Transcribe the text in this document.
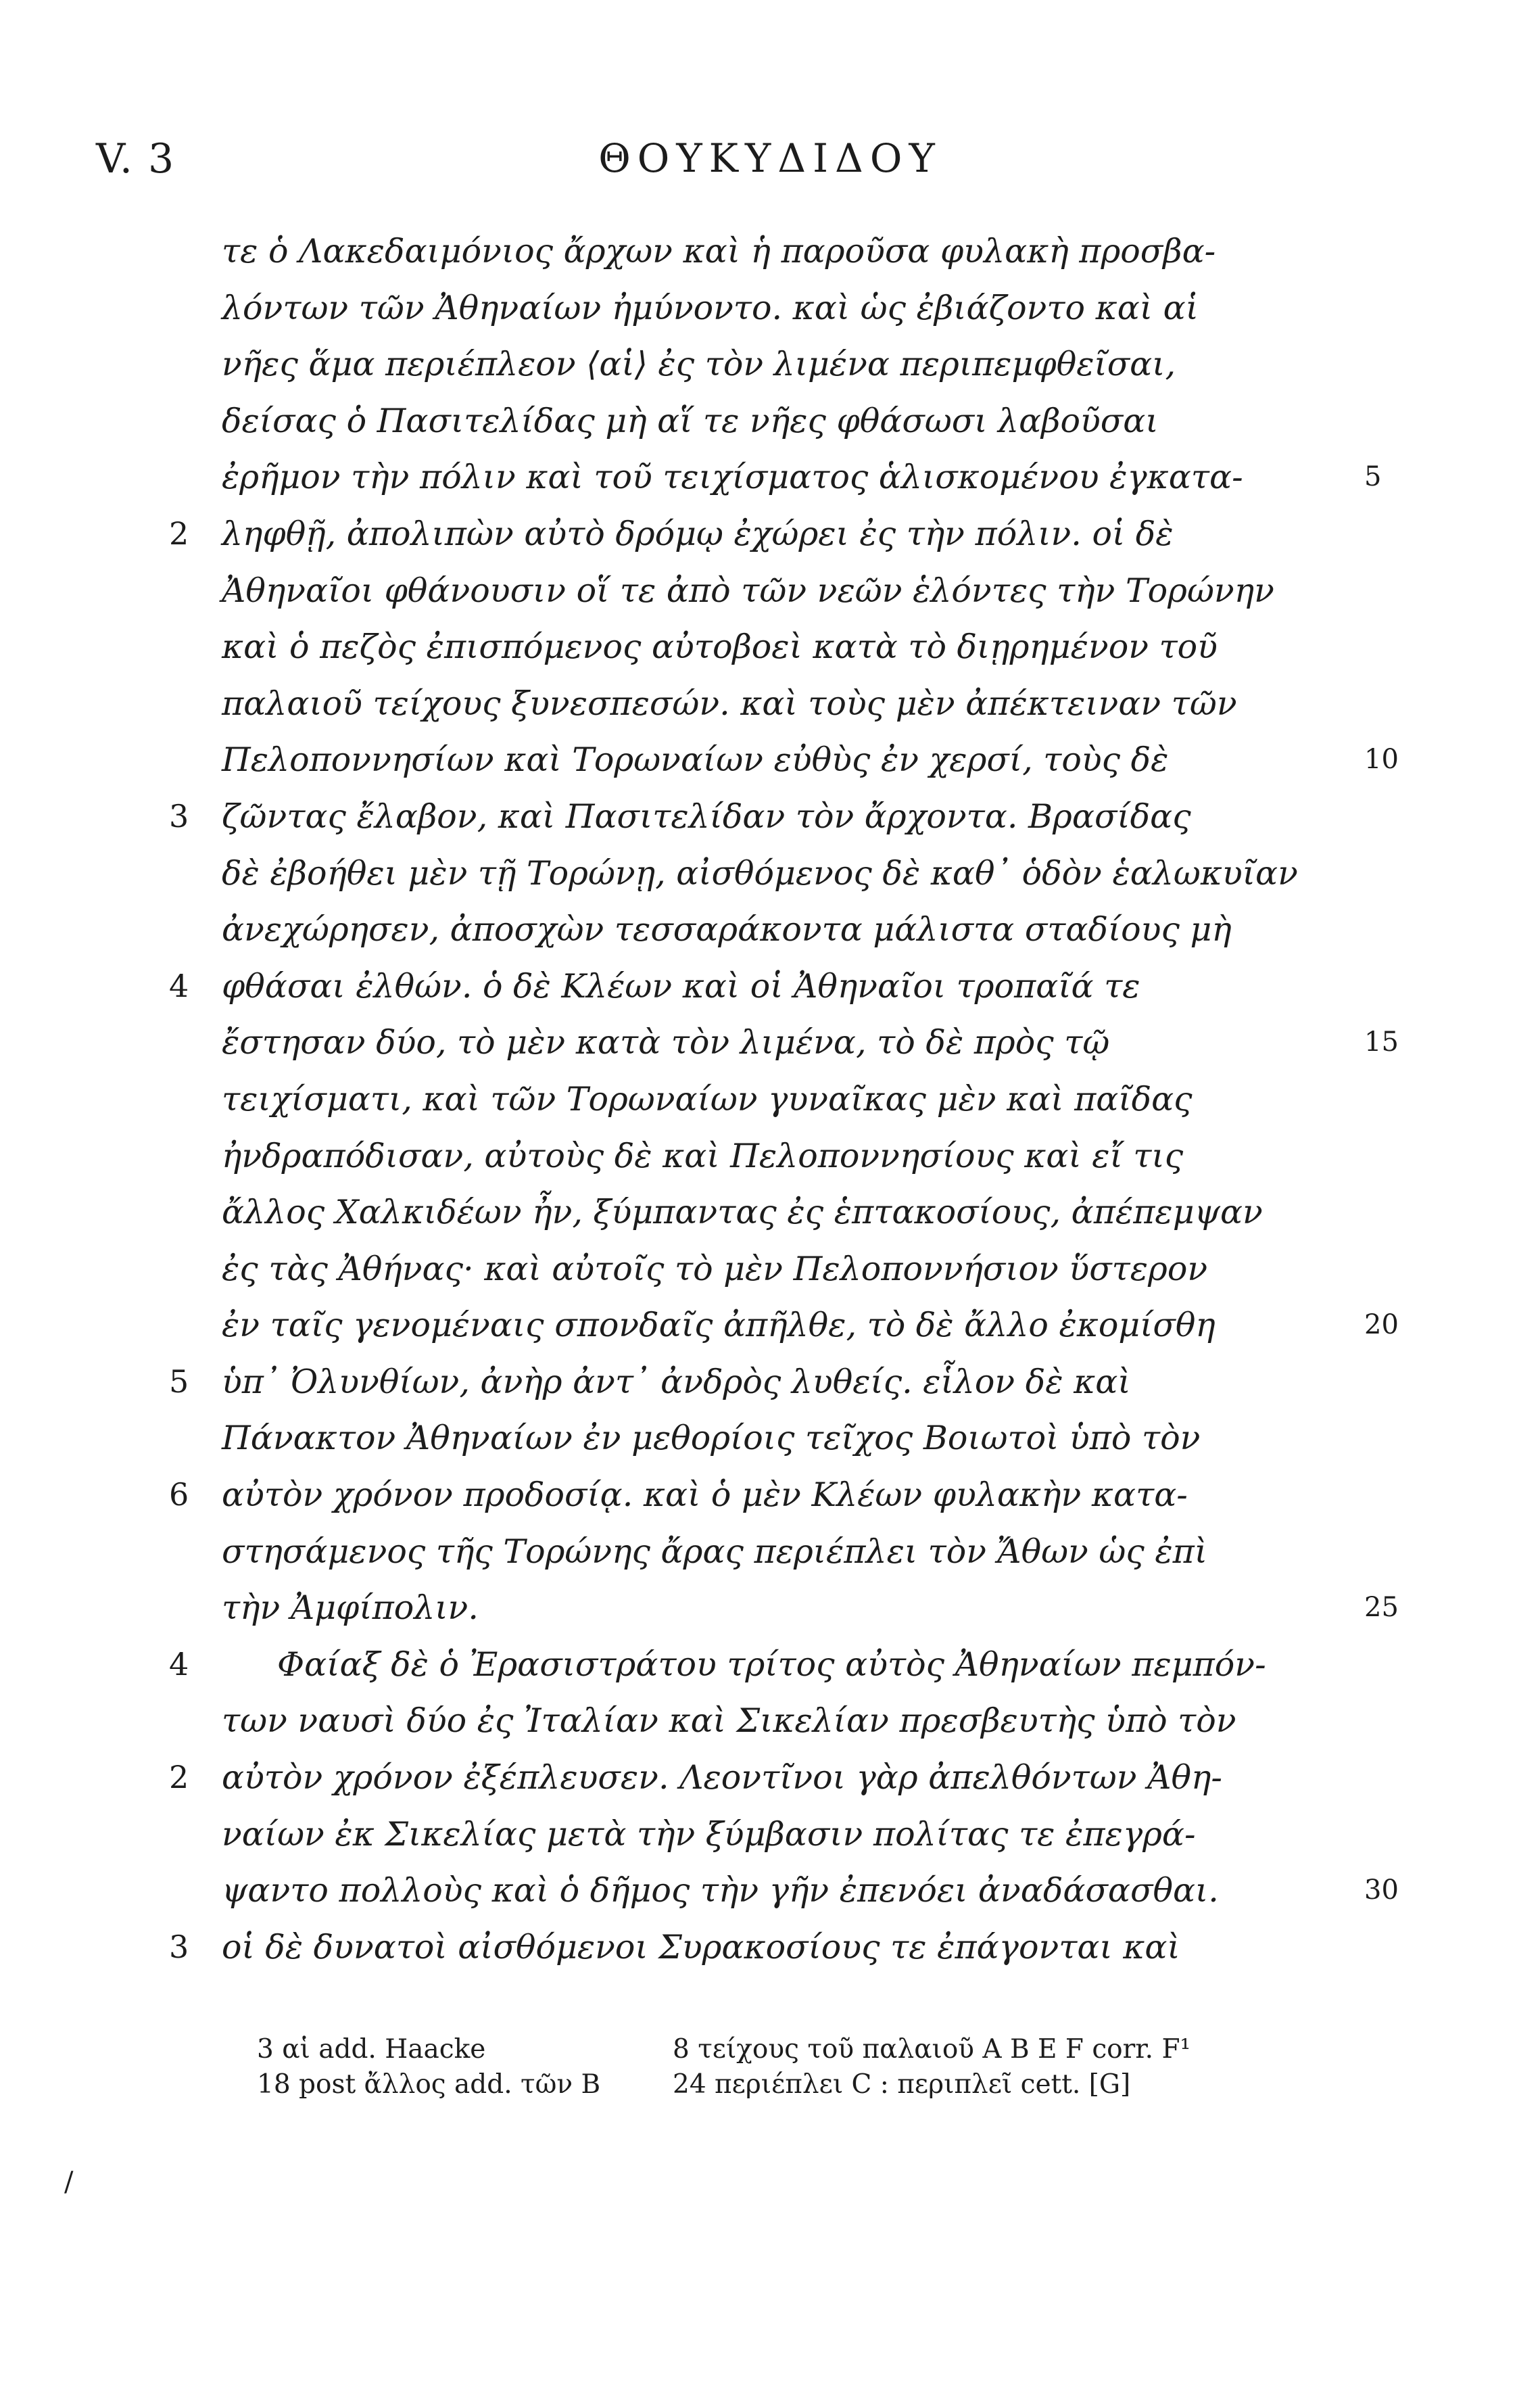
V. 3	ΘΟΥΚΥΔΙΔΟΥ
τε ὁ Λακεδαιμόνιος ἄρχων καὶ ἡ παροῦσα φυλακὴ προσβα-
λόντων τῶν Ἀθηναίων ἠμύνοντο. καὶ ὡς ἐβιάζοντο καὶ αἱ
νῆες ἅμα περιέπλεον ⟨αἱ⟩ ἐς τὸν λιμένα περιπεμφθεῖσαι,
δείσας ὁ Πασιτελίδας μὴ αἵ τε νῆες φθάσωσι λαβοῦσαι
ἐρῆμον τὴν πόλιν καὶ τοῦ τειχίσματος ἁλισκομένου ἐγκατα-	5
2 ληφθῇ, ἀπολιπὼν αὐτὸ δρόμῳ ἐχώρει ἐς τὴν πόλιν. οἱ δὲ
Ἀθηναῖοι φθάνουσιν οἵ τε ἀπὸ τῶν νεῶν ἑλόντες τὴν Τορώνην
καὶ ὁ πεζὸς ἐπισπόμενος αὐτοβοεὶ κατὰ τὸ διῃρημένον τοῦ
παλαιοῦ τείχους ξυνεσπεσών. καὶ τοὺς μὲν ἀπέκτειναν τῶν
Πελοποννησίων καὶ Τορωναίων εὐθὺς ἐν χερσί, τοὺς δὲ	10
3 ζῶντας ἔλαβον, καὶ Πασιτελίδαν τὸν ἄρχοντα. Βρασίδας
δὲ ἐβοήθει μὲν τῇ Τορώνῃ, αἰσθόμενος δὲ καθ᾽ ὁδὸν ἑαλωκυῖαν
ἀνεχώρησεν, ἀποσχὼν τεσσαράκοντα μάλιστα σταδίους μὴ
4 φθάσαι ἐλθών. ὁ δὲ Κλέων καὶ οἱ Ἀθηναῖοι τροπαῖά τε
ἔστησαν δύο, τὸ μὲν κατὰ τὸν λιμένα, τὸ δὲ πρὸς τῷ	15
τειχίσματι, καὶ τῶν Τορωναίων γυναῖκας μὲν καὶ παῖδας
ἠνδραπόδισαν, αὐτοὺς δὲ καὶ Πελοποννησίους καὶ εἴ τις
ἄλλος Χαλκιδέων ἦν, ξύμπαντας ἐς ἑπτακοσίους, ἀπέπεμψαν
ἐς τὰς Ἀθήνας· καὶ αὐτοῖς τὸ μὲν Πελοποννήσιον ὕστερον
ἐν ταῖς γενομέναις σπονδαῖς ἀπῆλθε, τὸ δὲ ἄλλο ἐκομίσθη	20
5 ὑπ᾽ Ὀλυνθίων, ἀνὴρ ἀντ᾽ ἀνδρὸς λυθείς. εἷλον δὲ καὶ
Πάνακτον Ἀθηναίων ἐν μεθορίοις τεῖχος Βοιωτοὶ ὑπὸ τὸν
6 αὐτὸν χρόνον προδοσίᾳ. καὶ ὁ μὲν Κλέων φυλακὴν κατα-
στησάμενος τῆς Τορώνης ἄρας περιέπλει τὸν Ἄθων ὡς ἐπὶ
τὴν Ἀμφίπολιν.	25
4	Φαίαξ δὲ ὁ Ἐρασιστράτου τρίτος αὐτὸς Ἀθηναίων πεμπόν-
των ναυσὶ δύο ἐς Ἰταλίαν καὶ Σικελίαν πρεσβευτὴς ὑπὸ τὸν
2 αὐτὸν χρόνον ἐξέπλευσεν. Λεοντῖνοι γὰρ ἀπελθόντων Ἀθη-
ναίων ἐκ Σικελίας μετὰ τὴν ξύμβασιν πολίτας τε ἐπεγρά-
ψαντο πολλοὺς καὶ ὁ δῆμος τὴν γῆν ἐπενόει ἀναδάσασθαι.	30
3 οἱ δὲ δυνατοὶ αἰσθόμενοι Συρακοσίους τε ἐπάγονται καὶ
3 αἱ add. Haacke	8 τείχους τοῦ παλαιοῦ A B E F corr. F¹
18 post ἄλλος add. τῶν B	24 περιέπλει C : περιπλεῖ cett. [G]
/
